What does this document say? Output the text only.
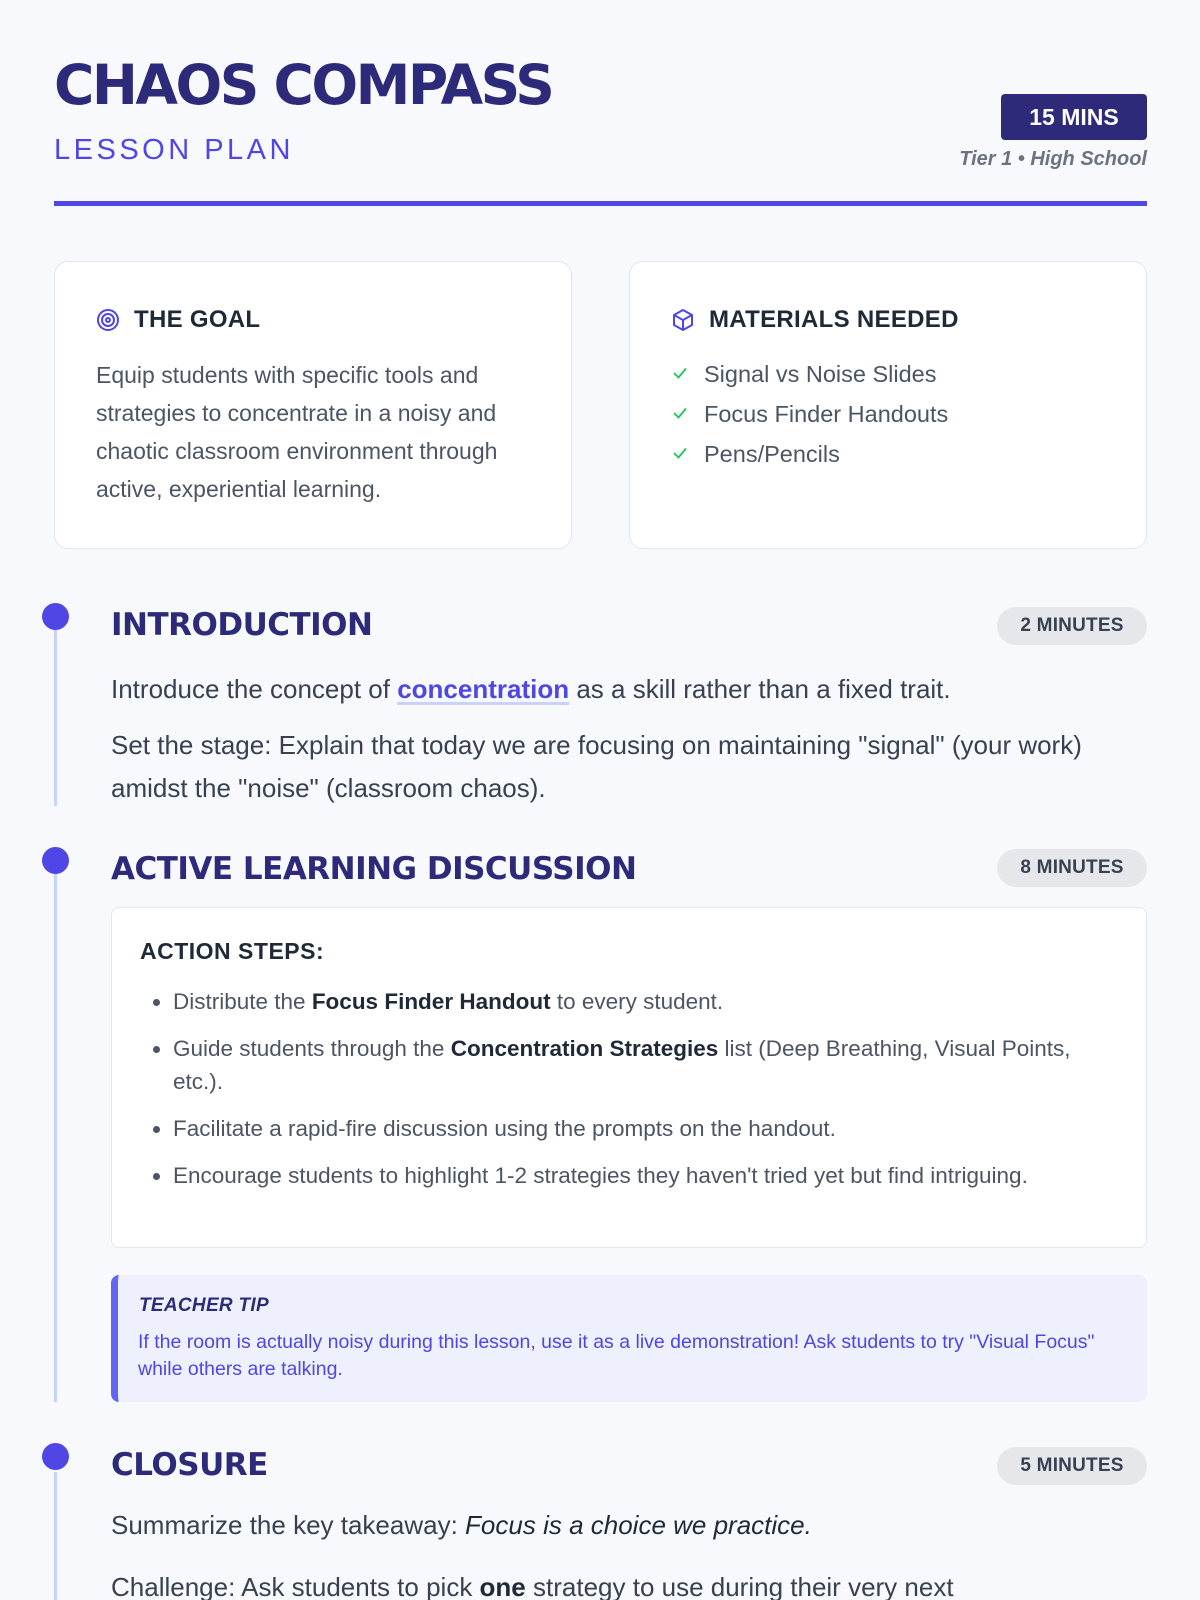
CHAOS COMPASS
LESSON PLAN
15 MINS
Tier 1 • High School
THE GOAL

Equip students with specific tools and strategies to concentrate in a noisy and chaotic classroom environment through active, experiential learning.

MATERIALS NEEDED
Signal vs Noise Slides
Focus Finder Handouts
Pens/Pencils
INTRODUCTION	2 MINUTES

Introduce the concept of concentration as a skill rather than a fixed trait.

Set the stage: Explain that today we are focusing on maintaining "signal" (your work) amidst the "noise" (classroom chaos).

ACTIVE LEARNING DISCUSSION	8 MINUTES
ACTION STEPS:
• Distribute the Focus Finder Handout to every student.
• Guide students through the Concentration Strategies list (Deep Breathing, Visual Points, etc.).
• Facilitate a rapid-fire discussion using the prompts on the handout.
• Encourage students to highlight 1-2 strategies they haven't tried yet but find intriguing.
TEACHER TIP
If the room is actually noisy during this lesson, use it as a live demonstration! Ask students to try "Visual Focus" while others are talking.
CLOSURE	5 MINUTES

Summarize the key takeaway: Focus is a choice we practice.

Challenge: Ask students to pick one strategy to use during their very next
